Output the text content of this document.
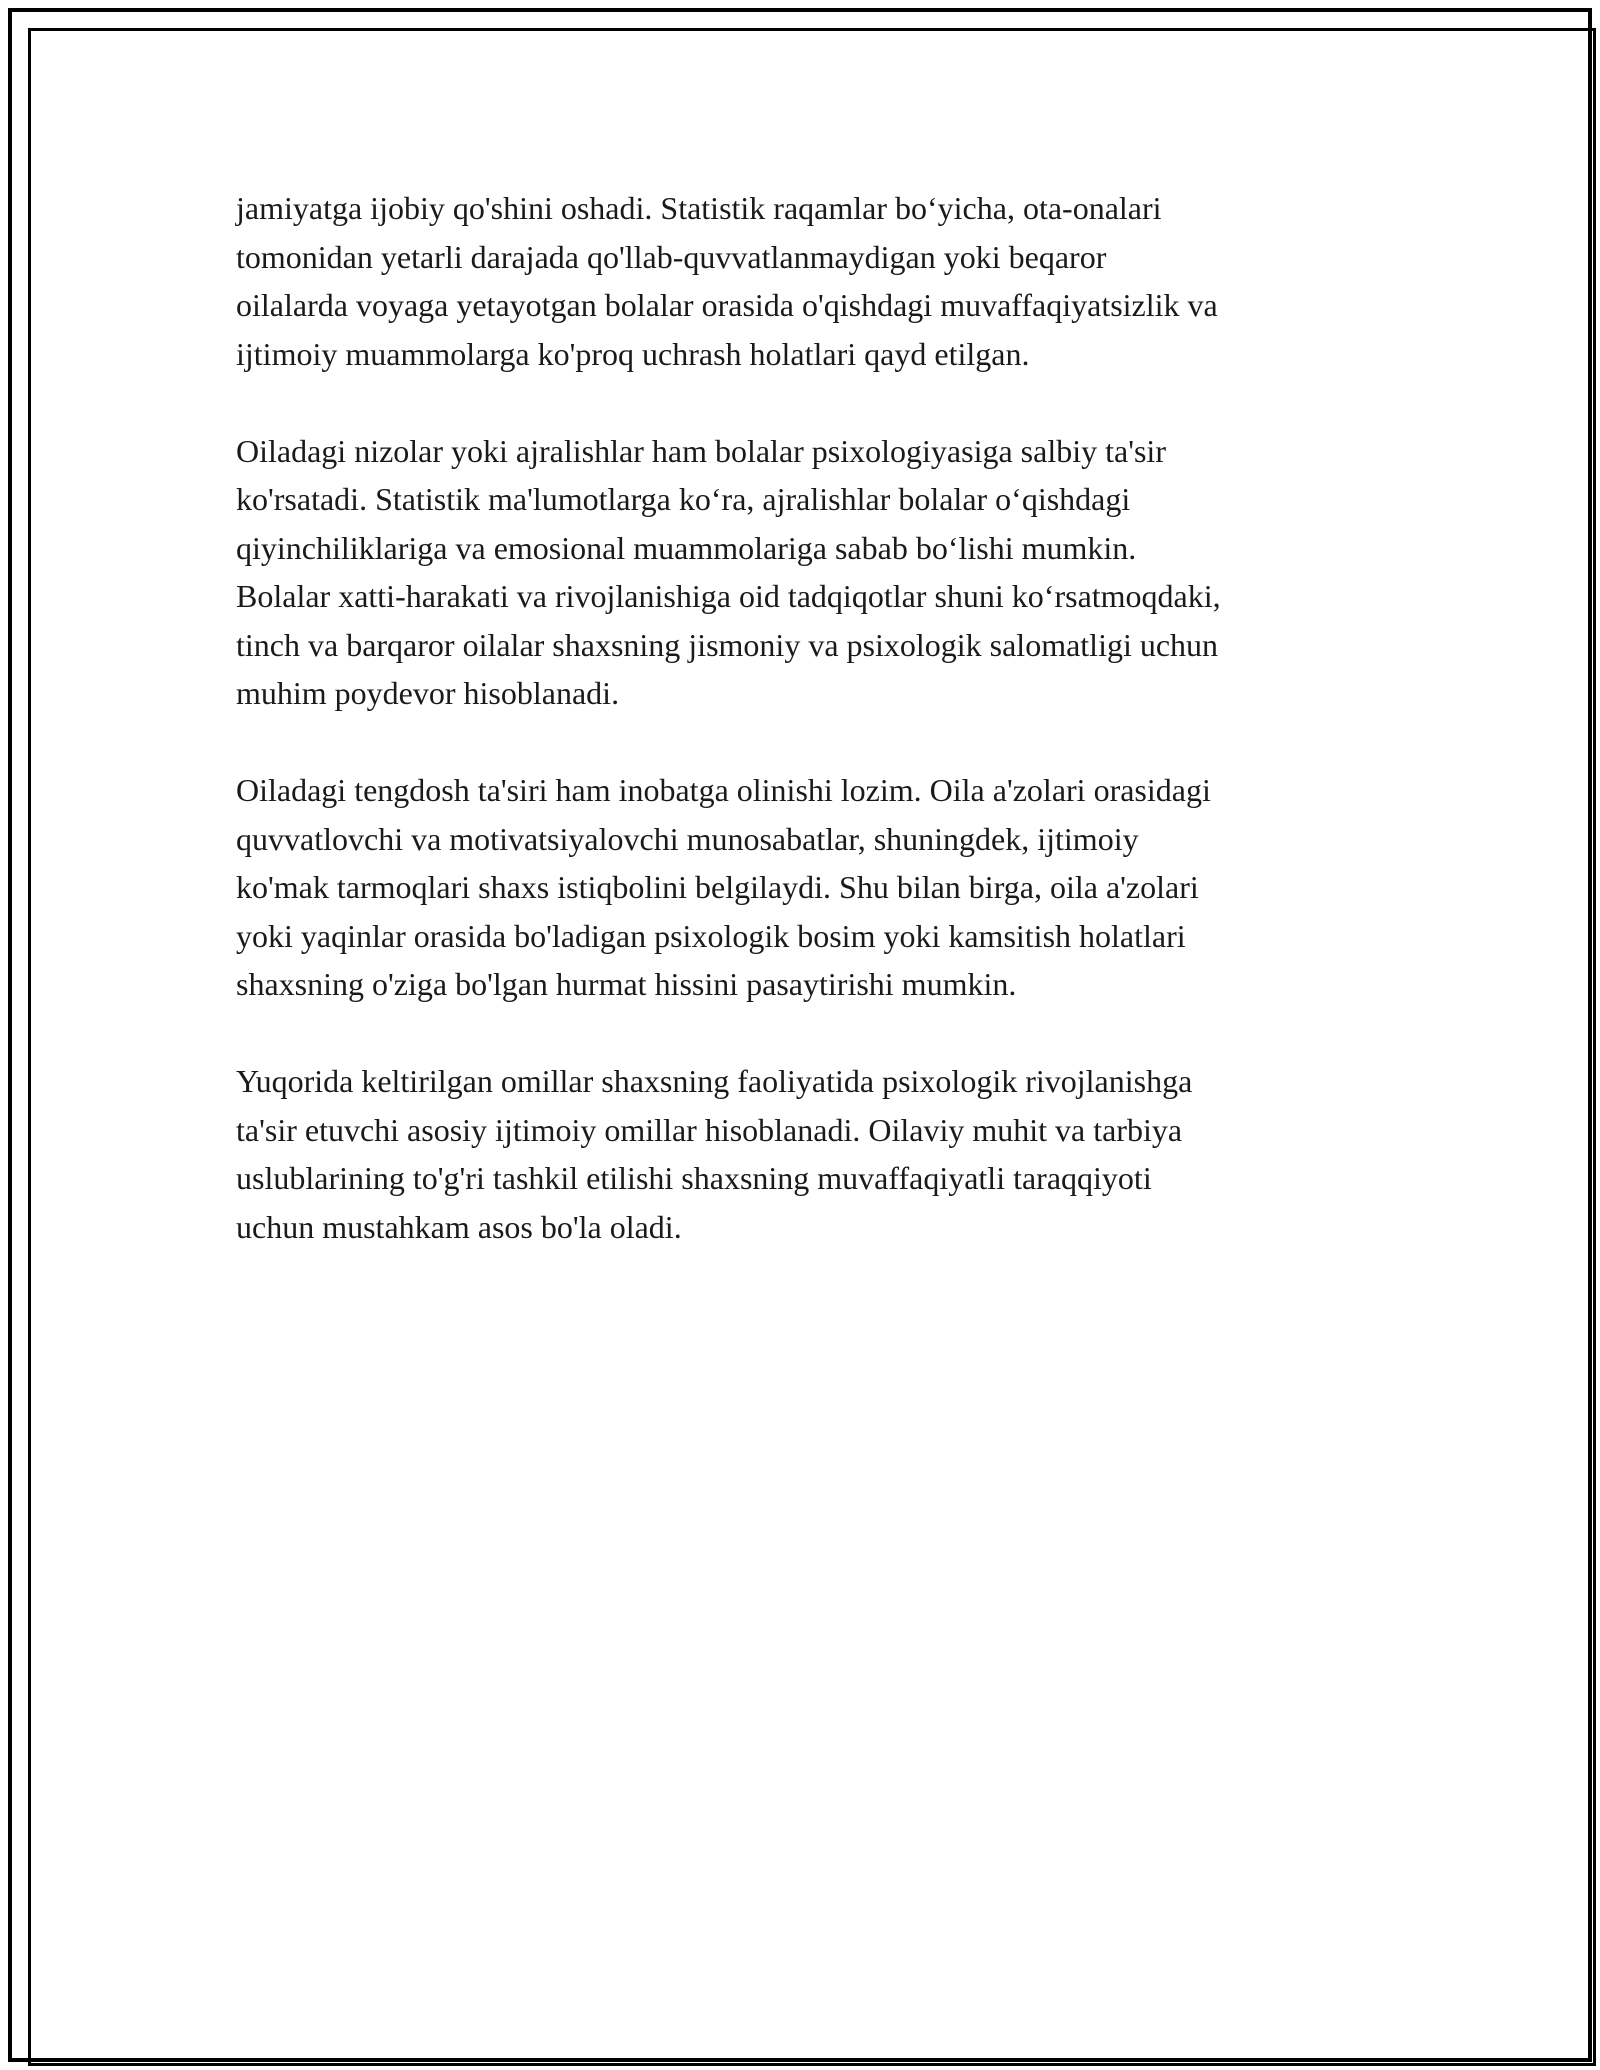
jamiyatga ijobiy qo'shini oshadi. Statistik raqamlar bo‘yicha, ota-onalari
tomonidan yetarli darajada qo'llab-quvvatlanmaydigan yoki beqaror
oilalarda voyaga yetayotgan bolalar orasida o'qishdagi muvaffaqiyatsizlik va
ijtimoiy muammolarga ko'proq uchrash holatlari qayd etilgan.

Oiladagi nizolar yoki ajralishlar ham bolalar psixologiyasiga salbiy ta'sir
ko'rsatadi. Statistik ma'lumotlarga ko‘ra, ajralishlar bolalar o‘qishdagi
qiyinchiliklariga va emosional muammolariga sabab bo‘lishi mumkin.
Bolalar xatti-harakati va rivojlanishiga oid tadqiqotlar shuni ko‘rsatmoqdaki,
tinch va barqaror oilalar shaxsning jismoniy va psixologik salomatligi uchun
muhim poydevor hisoblanadi.

Oiladagi tengdosh ta'siri ham inobatga olinishi lozim. Oila a'zolari orasidagi
quvvatlovchi va motivatsiyalovchi munosabatlar, shuningdek, ijtimoiy
ko'mak tarmoqlari shaxs istiqbolini belgilaydi. Shu bilan birga, oila a'zolari
yoki yaqinlar orasida bo'ladigan psixologik bosim yoki kamsitish holatlari
shaxsning o'ziga bo'lgan hurmat hissini pasaytirishi mumkin.

Yuqorida keltirilgan omillar shaxsning faoliyatida psixologik rivojlanishga
ta'sir etuvchi asosiy ijtimoiy omillar hisoblanadi. Oilaviy muhit va tarbiya
uslublarining to'g'ri tashkil etilishi shaxsning muvaffaqiyatli taraqqiyoti
uchun mustahkam asos bo'la oladi.
